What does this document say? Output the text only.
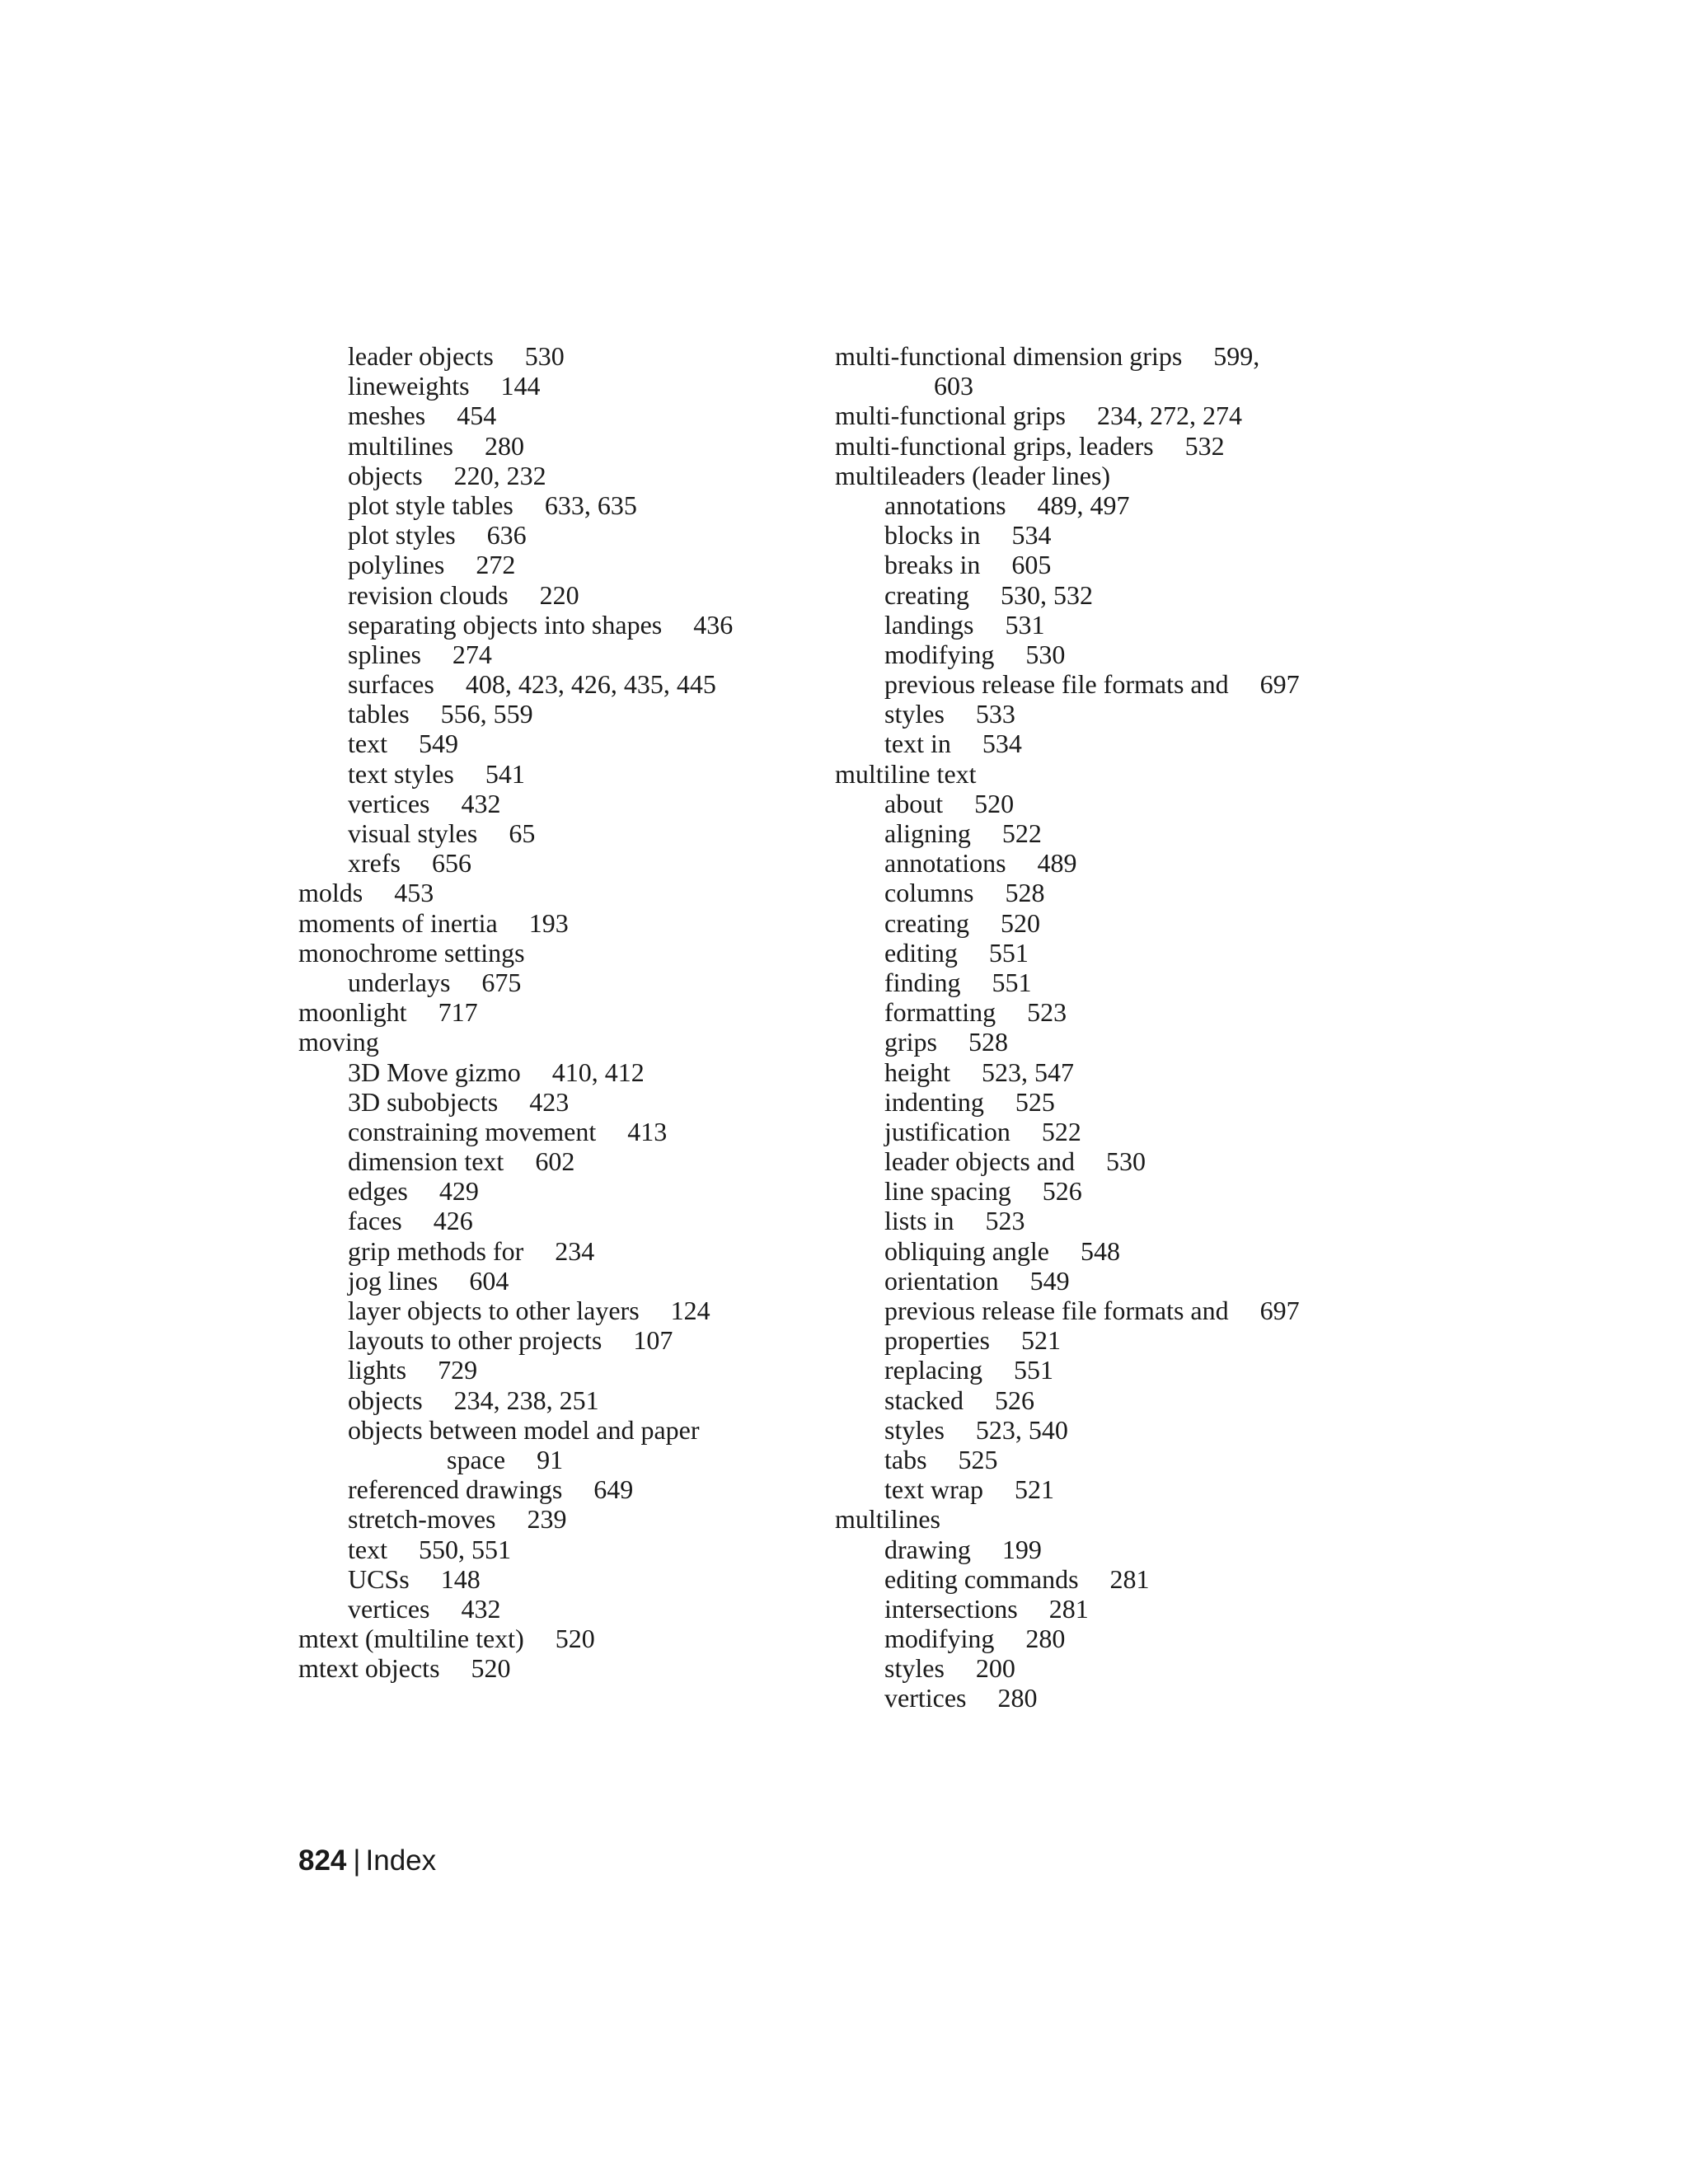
leader objects 530
lineweights 144
meshes 454
multilines 280
objects 220, 232
plot style tables 633, 635
plot styles 636
polylines 272
revision clouds 220
separating objects into shapes 436
splines 274
surfaces 408, 423, 426, 435, 445
tables 556, 559
text 549
text styles 541
vertices 432
visual styles 65
xrefs 656
molds 453
moments of inertia 193
monochrome settings
underlays 675
moonlight 717
moving
3D Move gizmo 410, 412
3D subobjects 423
constraining movement 413
dimension text 602
edges 429
faces 426
grip methods for 234
jog lines 604
layer objects to other layers 124
layouts to other projects 107
lights 729
objects 234, 238, 251
objects between model and paper
space 91
referenced drawings 649
stretch-moves 239
text 550, 551
UCSs 148
vertices 432
mtext (multiline text) 520
mtext objects 520
multi-functional dimension grips 599,
603
multi-functional grips 234, 272, 274
multi-functional grips, leaders 532
multileaders (leader lines)
annotations 489, 497
blocks in 534
breaks in 605
creating 530, 532
landings 531
modifying 530
previous release file formats and 697
styles 533
text in 534
multiline text
about 520
aligning 522
annotations 489
columns 528
creating 520
editing 551
finding 551
formatting 523
grips 528
height 523, 547
indenting 525
justification 522
leader objects and 530
line spacing 526
lists in 523
obliquing angle 548
orientation 549
previous release file formats and 697
properties 521
replacing 551
stacked 526
styles 523, 540
tabs 525
text wrap 521
multilines
drawing 199
editing commands 281
intersections 281
modifying 280
styles 200
vertices 280
824 | Index
